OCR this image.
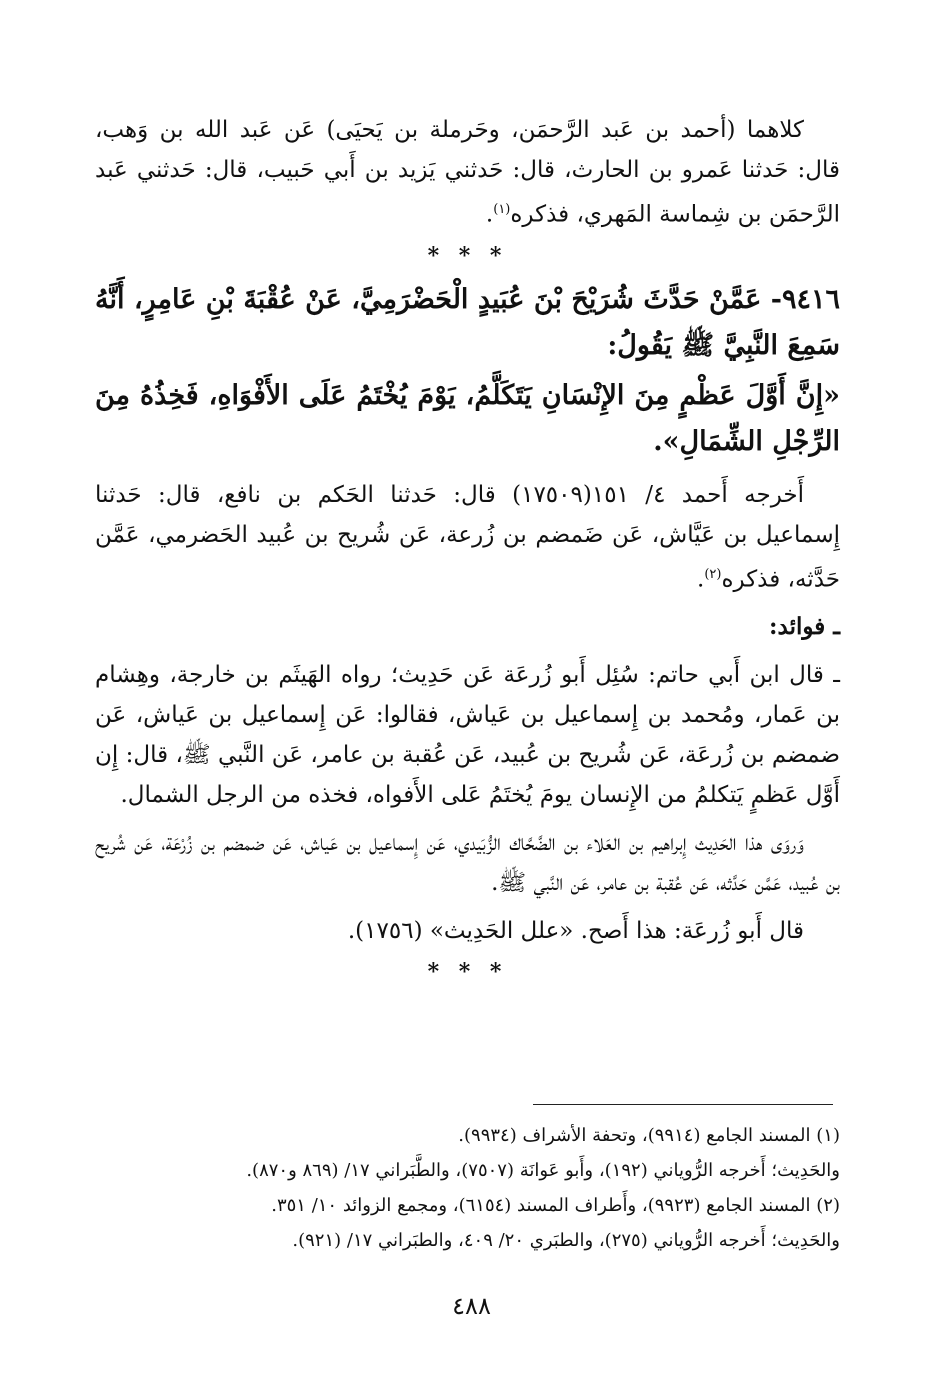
كلاهما (أحمد بن عَبد الرَّحمَن، وحَرملة بن يَحيَى) عَن عَبد الله بن وَهب، قال: حَدثنا عَمرو بن الحارث، قال: حَدثني يَزيد بن أَبي حَبيب، قال: حَدثني عَبد الرَّحمَن بن شِماسة المَهري، فذكره$^{(١)}$.

* * *

٩٤١٦- عَمَّنْ حَدَّثَ شُرَيْحَ بْنَ عُبَيدٍ الْحَضْرَمِيَّ، عَنْ عُقْبَةَ بْنِ عَامِرٍ، أَنَّهُ سَمِعَ النَّبِيَّ ﷺ يَقُولُ:

«إِنَّ أَوَّلَ عَظْمٍ مِنَ الإِنْسَانِ يَتَكَلَّمُ، يَوْمَ يُخْتَمُ عَلَى الأَفْوَاهِ، فَخِذُهُ مِنَ الرِّجْلِ الشِّمَالِ».

أَخرجه أَحمد ٤/ ١٥١(١٧٥٠٩) قال: حَدثنا الحَكم بن نافع، قال: حَدثنا إِسماعيل بن عَيَّاش، عَن ضَمضم بن زُرعة، عَن شُريح بن عُبيد الحَضرمي، عَمَّن حَدَّثه، فذكره$^{(٢)}$.

ـ فوائد:

ـ قال ابن أَبي حاتم: سُئِل أَبو زُرعَة عَن حَدِيث؛ رواه الهَيثَم بن خارجة، وهِشام بن عَمار، ومُحمد بن إِسماعيل بن عَياش، فقالوا: عَن إِسماعيل بن عَياش، عَن ضمضم بن زُرعَة، عَن شُريح بن عُبيد، عَن عُقبة بن عامر، عَن النَّبي ﷺ، قال: إِن أَوَّل عَظمٍ يَتكلمُ من الإِنسان يومَ يُختَمُ عَلى الأَفواه، فخذه من الرجل الشمال.

وَروَى هذا الحَدِيث إِبراهيم بن العَلاء بن الضَّحَّاك الزُّبَيدي، عَن إِسماعيل بن عَياش، عَن ضمضم بن زُرْعَة، عَن شُريح بن عُبيد، عَمَّن حَدَّثه، عَن عُقبة بن عامر، عَن النَّبي ﷺ.

قال أَبو زُرعَة: هذا أَصح. «علل الحَدِيث» (١٧٥٦).

* * *

(١) المسند الجامع (٩٩١٤)، وتحفة الأشراف (٩٩٣٤).

والحَدِيث؛ أَخرجه الرُّوياني (١٩٢)، وأَبو عَوانَة (٧٥٠٧)، والطَّبَراني ١٧/ (٨٦٩ و٨٧٠).

(٢) المسند الجامع (٩٩٢٣)، وأَطراف المسند (٦١٥٤)، ومجمع الزوائد ١٠/ ٣٥١.

والحَدِيث؛ أَخرجه الرُّوياني (٢٧٥)، والطبَري ٢٠/ ٤٠٩، والطبَراني ١٧/ (٩٢١).

٤٨٨
